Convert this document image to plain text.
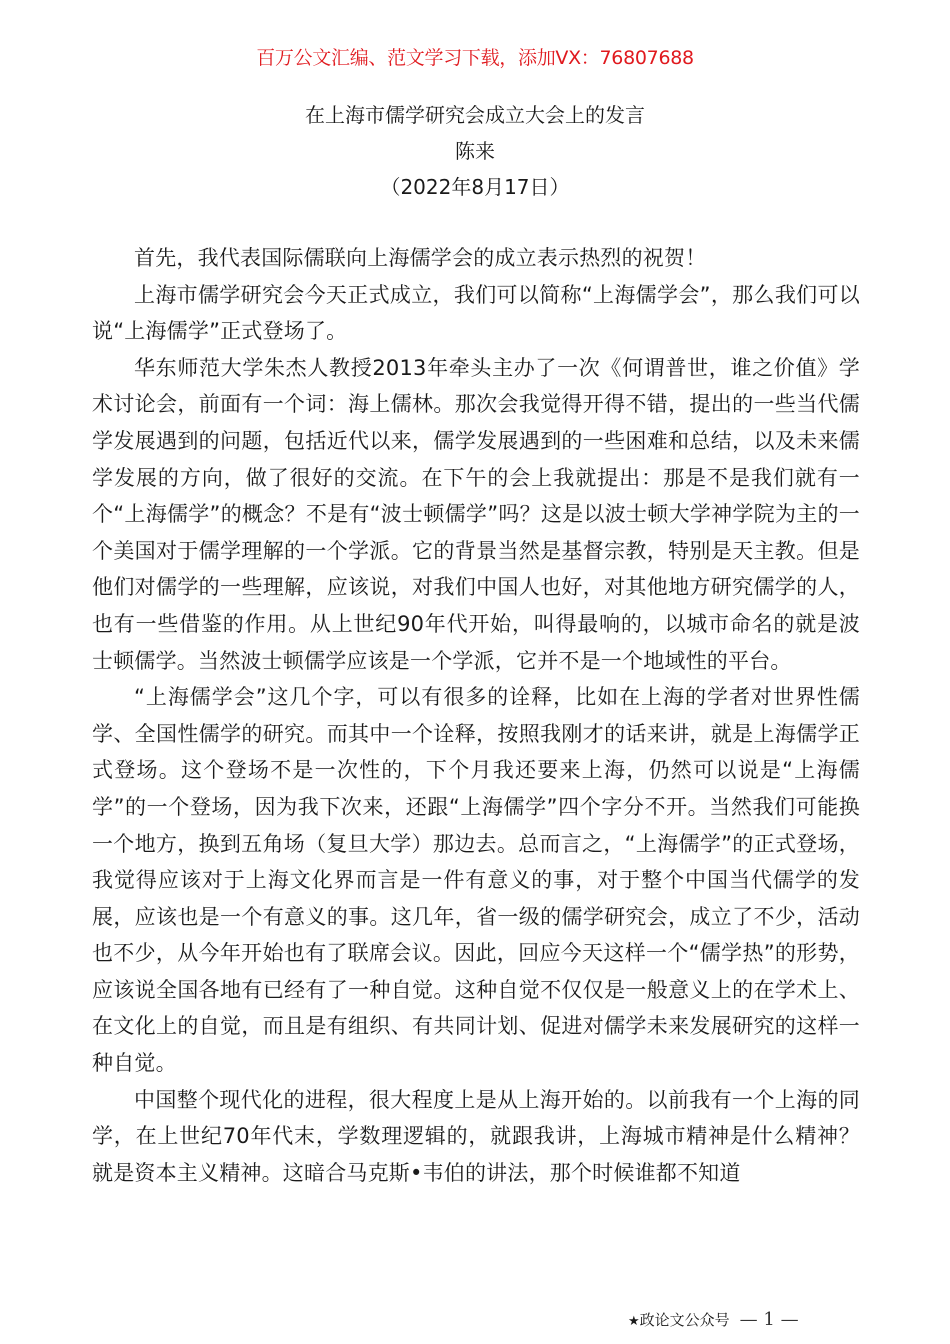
百万公文汇编、范文学习下载，添加VX：76807688
在上海市儒学研究会成立大会上的发言
陈来
（2022年8月17日）

首先，我代表国际儒联向上海儒学会的成立表示热烈的祝贺！

上海市儒学研究会今天正式成立，我们可以简称“上海儒学会”，那么我们可以说“上海儒学”正式登场了。

华东师范大学朱杰人教授2013年牵头主办了一次《何谓普世，谁之价值》学术讨论会，前面有一个词：海上儒林。那次会我觉得开得不错，提出的一些当代儒学发展遇到的问题，包括近代以来，儒学发展遇到的一些困难和总结，以及未来儒学发展的方向，做了很好的交流。在下午的会上我就提出：那是不是我们就有一个“上海儒学”的概念？不是有“波士顿儒学”吗？这是以波士顿大学神学院为主的一个美国对于儒学理解的一个学派。它的背景当然是基督宗教，特别是天主教。但是他们对儒学的一些理解，应该说，对我们中国人也好，对其他地方研究儒学的人，也有一些借鉴的作用。从上世纪90年代开始，叫得最响的，以城市命名的就是波士顿儒学。当然波士顿儒学应该是一个学派，它并不是一个地域性的平台。

“上海儒学会”这几个字，可以有很多的诠释，比如在上海的学者对世界性儒学、全国性儒学的研究。而其中一个诠释，按照我刚才的话来讲，就是上海儒学正式登场。这个登场不是一次性的，下个月我还要来上海，仍然可以说是“上海儒学”的一个登场，因为我下次来，还跟“上海儒学”四个字分不开。当然我们可能换一个地方，换到五角场（复旦大学）那边去。总而言之，“上海儒学”的正式登场，我觉得应该对于上海文化界而言是一件有意义的事，对于整个中国当代儒学的发展，应该也是一个有意义的事。这几年，省一级的儒学研究会，成立了不少，活动也不少，从今年开始也有了联席会议。因此，回应今天这样一个“儒学热”的形势，应该说全国各地有已经有了一种自觉。这种自觉不仅仅是一般意义上的在学术上、在文化上的自觉，而且是有组织、有共同计划、促进对儒学未来发展研究的这样一种自觉。

中国整个现代化的进程，很大程度上是从上海开始的。以前我有一个上海的同学，在上世纪70年代末，学数理逻辑的，就跟我讲，上海城市精神是什么精神？就是资本主义精神。这暗合马克斯•韦伯的讲法，那个时候谁都不知道

★政论文公众号 — 1 —
